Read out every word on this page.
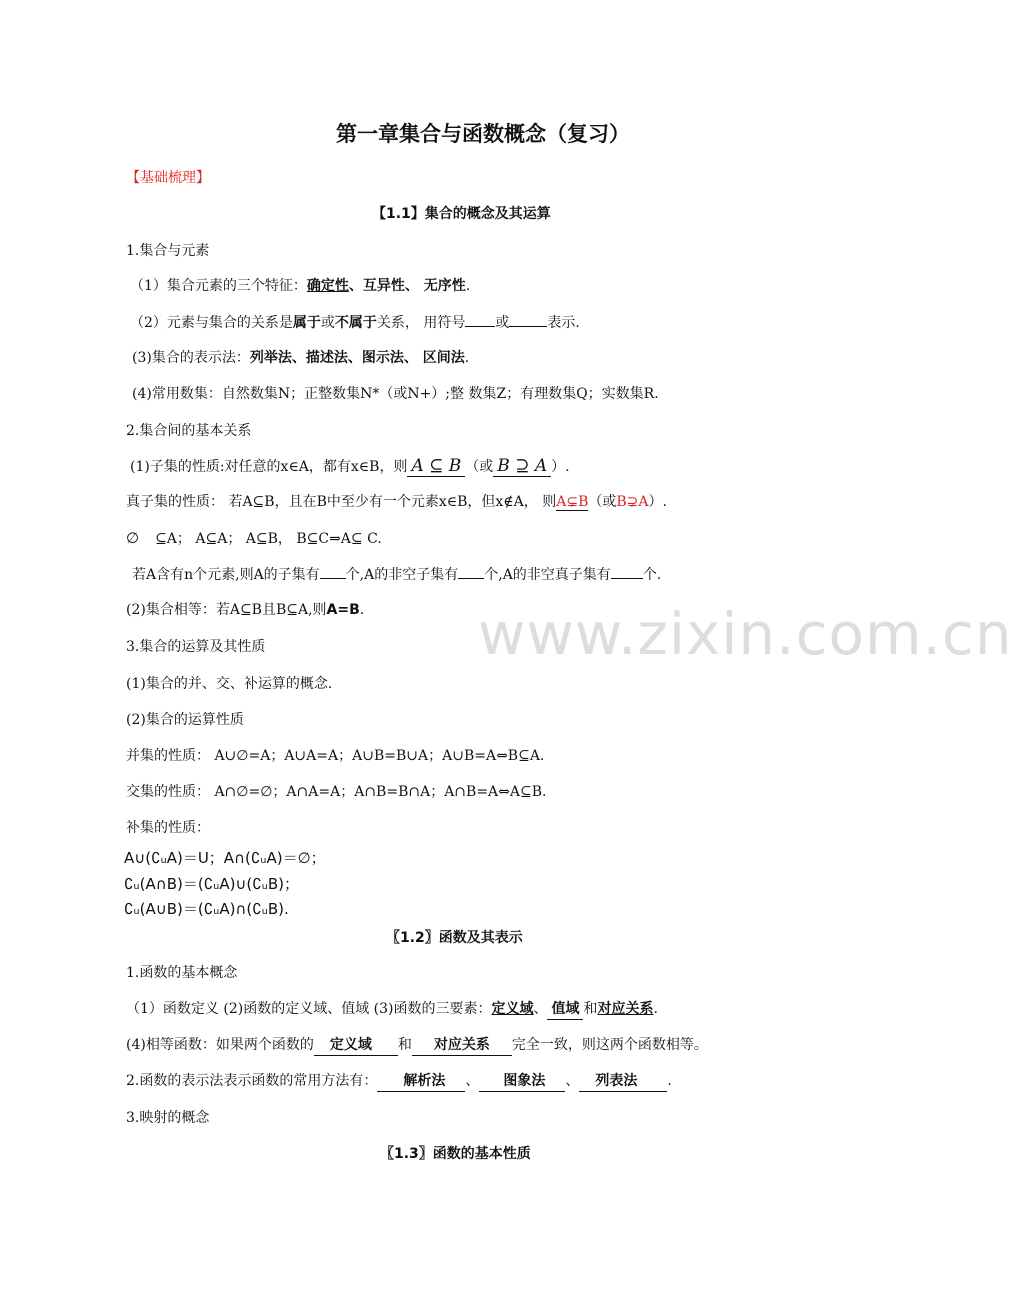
www.zixin.com.cn
第一章集合与函数概念（复习）
【基础梳理】
【1.1】集合的概念及其运算
1.集合与元素
（1）集合元素的三个特征：确定性、互异性、 无序性.
（2）元素与集合的关系是属于或不属于关系， 用符号 或	表示.
(3)集合的表示法：列举法、描述法、图示法、 区间法.
(4)常用数集：自然数集N；正整数集N*（或N+）;整 数集Z；有理数集Q；实数集R.
2.集合间的基本关系
(1)子集的性质:对任意的x∈A，都有x∈B，则 A ⊆ B （或 B ⊇ A ）.
真子集的性质： 若A⊆B，且在B中至少有一个元素x∈B，但x∉A， 则A⊊B（或B⊋A）.
∅ ⊆A； A⊆A； A⊆B， B⊆C⇒A⊆ C.
若A含有n个元素,则A的子集有 个,A的非空子集有 个,A的非空真子集有 个.
(2)集合相等：若A⊆B且B⊆A,则A=B.
3.集合的运算及其性质
(1)集合的并、交、补运算的概念.
(2)集合的运算性质
并集的性质： A∪∅=A；A∪A=A；A∪B=B∪A；A∪B=A⇔B⊆A.
交集的性质： A∩∅=∅；A∩A=A；A∩B=B∩A；A∩B=A⇔A⊆B.
补集的性质：
A∪(∁ᵤA)＝U；A∩(∁ᵤA)＝∅；
∁ᵤ(A∩B)＝(∁ᵤA)∪(∁ᵤB)；
∁ᵤ(A∪B)＝(∁ᵤA)∩(∁ᵤB).
〖1.2〗函数及其表示
1.函数的基本概念
（1）函数定义 (2)函数的定义域、值域 (3)函数的三要素：定义域、 值域 和对应关系.
(4)相等函数：如果两个函数的 定义域 和 对应关系 完全一致，则这两个函数相等。
2.函数的表示法表示函数的常用方法有： 解析法 、 图象法 、 列表法 .
3.映射的概念
〖1.3〗函数的基本性质
